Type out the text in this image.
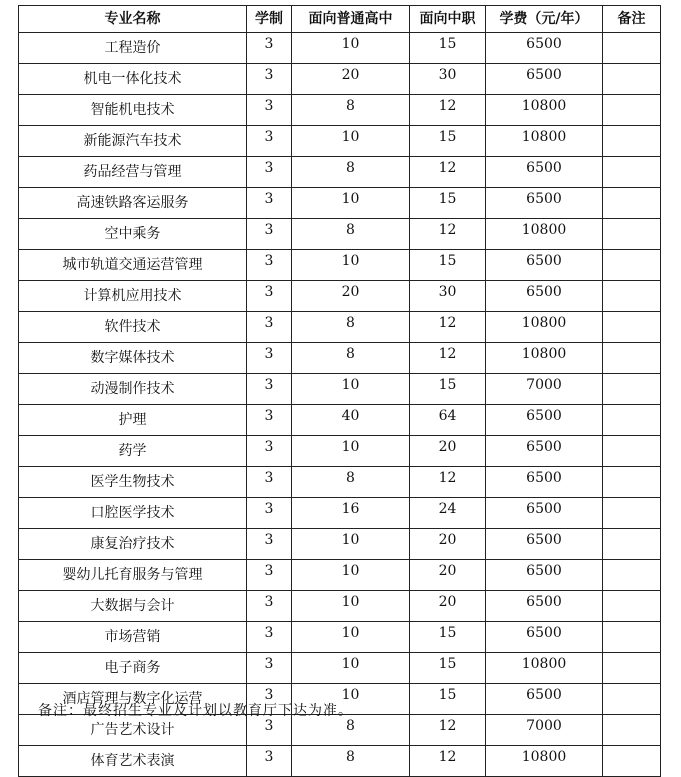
专业名称	学制	面向普通高中	面向中职	学费（元/年）	备注
工程造价	3	10	15	6500	
机电一体化技术	3	20	30	6500	
智能机电技术	3	8	12	10800	
新能源汽车技术	3	10	15	10800	
药品经营与管理	3	8	12	6500	
高速铁路客运服务	3	10	15	6500	
空中乘务	3	8	12	10800	
城市轨道交通运营管理	3	10	15	6500	
计算机应用技术	3	20	30	6500	
软件技术	3	8	12	10800	
数字媒体技术	3	8	12	10800	
动漫制作技术	3	10	15	7000	
护理	3	40	64	6500	
药学	3	10	20	6500	
医学生物技术	3	8	12	6500	
口腔医学技术	3	16	24	6500	
康复治疗技术	3	10	20	6500	
婴幼儿托育服务与管理	3	10	20	6500	
大数据与会计	3	10	20	6500	
市场营销	3	10	15	6500	
电子商务	3	10	15	10800	
酒店管理与数字化运营	3	10	15	6500	
广告艺术设计	3	8	12	7000	
体育艺术表演	3	8	12	10800	
备注：最终招生专业及计划以教育厅下达为准。
